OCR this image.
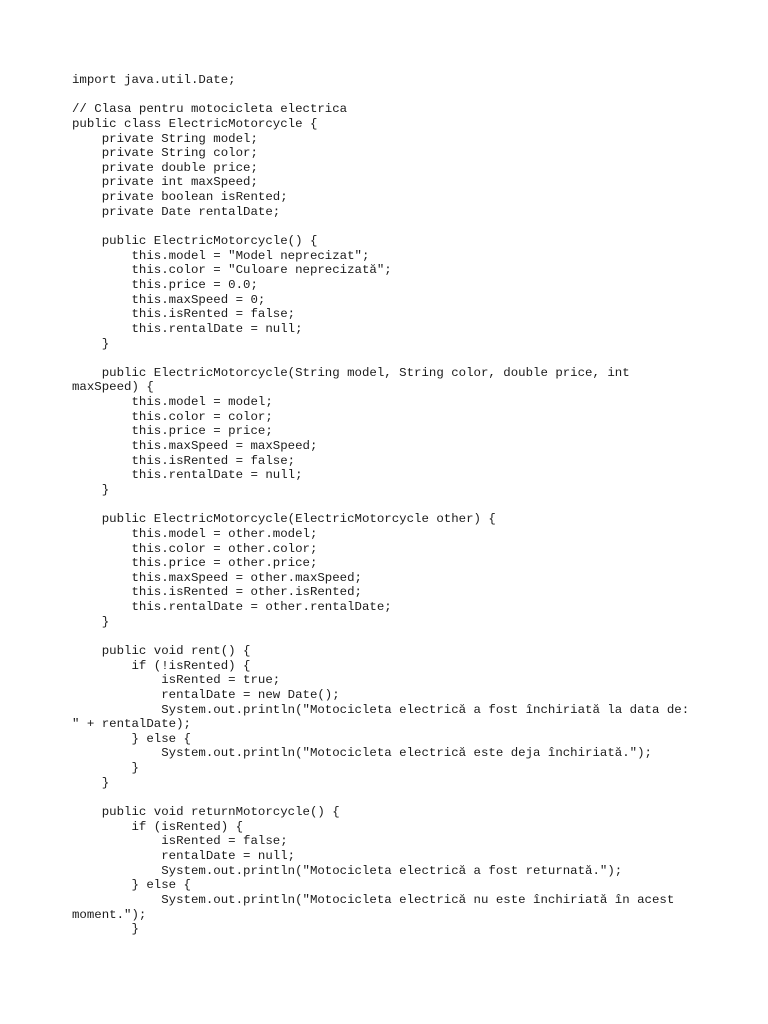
import java.util.Date;
// Clasa pentru motocicleta electrica
public class ElectricMotorcycle {
private String model;
private String color;
private double price;
private int maxSpeed;
private boolean isRented;
private Date rentalDate;
public ElectricMotorcycle() {
this.model = "Model neprecizat";
this.color = "Culoare neprecizată";
this.price = 0.0;
this.maxSpeed = 0;
this.isRented = false;
this.rentalDate = null;
}
public ElectricMotorcycle(String model, String color, double price, int
maxSpeed) {
this.model = model;
this.color = color;
this.price = price;
this.maxSpeed = maxSpeed;
this.isRented = false;
this.rentalDate = null;
}
public ElectricMotorcycle(ElectricMotorcycle other) {
this.model = other.model;
this.color = other.color;
this.price = other.price;
this.maxSpeed = other.maxSpeed;
this.isRented = other.isRented;
this.rentalDate = other.rentalDate;
}
public void rent() {
if (!isRented) {
isRented = true;
rentalDate = new Date();
System.out.println("Motocicleta electrică a fost închiriată la data de:
" + rentalDate);
} else {
System.out.println("Motocicleta electrică este deja închiriată.");
}
}
public void returnMotorcycle() {
if (isRented) {
isRented = false;
rentalDate = null;
System.out.println("Motocicleta electrică a fost returnată.");
} else {
System.out.println("Motocicleta electrică nu este închiriată în acest
moment.");
}
